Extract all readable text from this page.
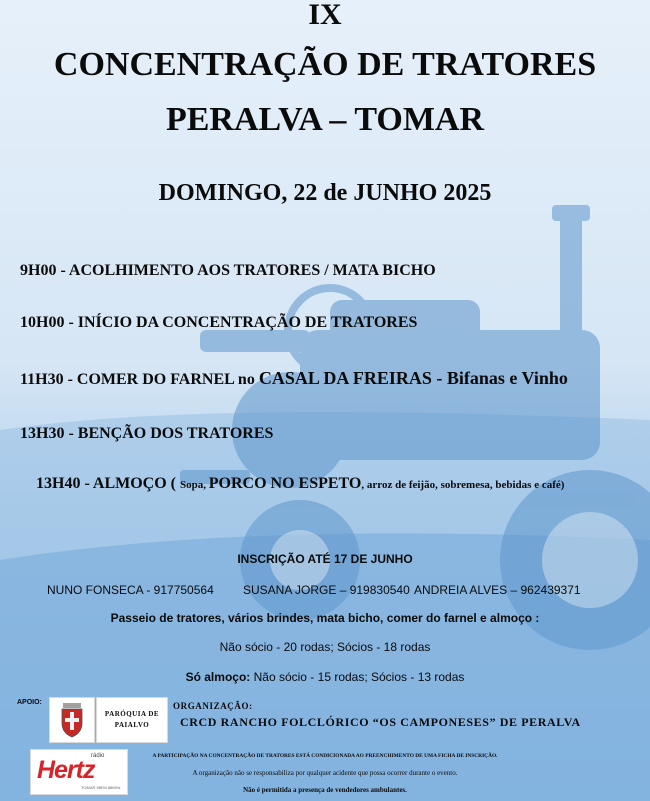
IX
CONCENTRAÇÃO DE TRATORES
PERALVA – TOMAR
DOMINGO, 22 de JUNHO 2025
9H00 - ACOLHIMENTO AOS TRATORES / MATA BICHO
10H00 - INÍCIO DA CONCENTRAÇÃO DE TRATORES
11H30 - COMER DO FARNEL no CASAL DA FREIRAS - Bifanas e Vinho
13H30 - BENÇÃO DOS TRATORES
13H40 - ALMOÇO ( Sopa, PORCO NO ESPETO, arroz de feijão, sobremesa, bebidas e café)
INSCRIÇÃO ATÉ 17 DE JUNHO
NUNO FONSECA - 917750564 SUSANA JORGE – 919830540 ANDREIA ALVES – 962439371
Passeio de tratores, vários brindes, mata bicho, comer do farnel e almoço :
Não sócio - 20 rodas; Sócios - 18 rodas
Só almoço: Não sócio - 15 rodas; Sócios - 13 rodas
APOIO:
PARÓQUIA DE PAIALVO
ORGANIZAÇÃO:
CRCD RANCHO FOLCLÓRICO “OS CAMPONESES” DE PERALVA
rádio
Hertz
TOMAR 98FM 88MHz
A PARTICIPAÇÃO NA CONCENTRAÇÃO DE TRATORES ESTÁ CONDICIONADA AO PREENCHIMENTO DE UMA FICHA DE INSCRIÇÃO.
A organização não se responsabiliza por qualquer acidente que possa ocorrer durante o evento.
Não é permitida a presença de vendedores ambulantes.
